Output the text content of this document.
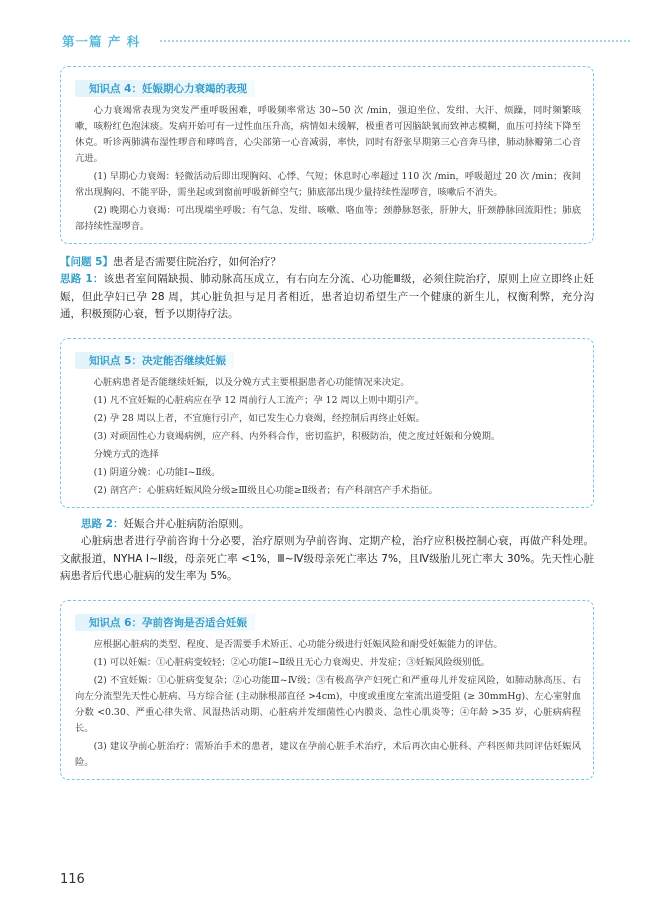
第一篇 产 科
知识点 4：妊娠期心力衰竭的表现

心力衰竭常表现为突发严重呼吸困难，呼吸频率常达 30~50 次 /min，强迫坐位、发绀、大汗、烦躁，同时频繁咳嗽，咳粉红色泡沫痰。发病开始可有一过性血压升高，病情如未缓解，极重者可因脑缺氧而致神志模糊，血压可持续下降至休克。听诊两肺满布湿性啰音和哮鸣音，心尖部第一心音减弱，率快，同时有舒张早期第三心音奔马律，肺动脉瓣第二心音亢进。

(1) 早期心力衰竭：轻微活动后即出现胸闷、心悸、气短；休息时心率超过 110 次 /min，呼吸超过 20 次 /min；夜间常出现胸闷、不能平卧，需坐起或到窗前呼吸新鲜空气；肺底部出现少量持续性湿啰音，咳嗽后不消失。

(2) 晚期心力衰竭：可出现端坐呼吸；有气急、发绀、咳嗽、咯血等；颈静脉怒张，肝肿大，肝颈静脉回流阳性；肺底部持续性湿啰音。

【问题 5】患者是否需要住院治疗，如何治疗？

思路 1：该患者室间隔缺损、肺动脉高压成立，有右向左分流、心功能Ⅲ级，必须住院治疗，原则上应立即终止妊娠，但此孕妇已孕 28 周，其心脏负担与足月者相近，患者迫切希望生产一个健康的新生儿，权衡利弊，充分沟通，积极预防心衰，暂予以期待疗法。

知识点 5：决定能否继续妊娠

心脏病患者是否能继续妊娠，以及分娩方式主要根据患者心功能情况来决定。

(1) 凡不宜妊娠的心脏病应在孕 12 周前行人工流产；孕 12 周以上则中期引产。

(2) 孕 28 周以上者，不宜施行引产，如已发生心力衰竭，经控制后再终止妊娠。

(3) 对顽固性心力衰竭病例，应产科、内外科合作，密切监护，积极防治，使之度过妊娠和分娩期。

分娩方式的选择

(1) 阴道分娩：心功能Ⅰ~Ⅱ级。

(2) 剖宫产：心脏病妊娠风险分级≥Ⅲ级且心功能≥Ⅱ级者；有产科剖宫产手术指征。

思路 2：妊娠合并心脏病防治原则。

心脏病患者进行孕前咨询十分必要，治疗原则为孕前咨询、定期产检，治疗应积极控制心衰，再做产科处理。文献报道，NYHA Ⅰ~Ⅱ级，母亲死亡率 <1%，Ⅲ~Ⅳ级母亲死亡率达 7%，且Ⅳ级胎儿死亡率大 30%。先天性心脏病患者后代患心脏病的发生率为 5%。

知识点 6：孕前咨询是否适合妊娠

应根据心脏病的类型、程度、是否需要手术矫正、心功能分级进行妊娠风险和耐受妊娠能力的评估。

(1) 可以妊娠：①心脏病变较轻；②心功能Ⅰ~Ⅱ级且无心力衰竭史、并发症；③妊娠风险级别低。

(2) 不宜妊娠：①心脏病变复杂；②心功能Ⅲ~Ⅳ级；③有极高孕产妇死亡和严重母儿并发症风险，如肺动脉高压、右向左分流型先天性心脏病、马方综合征 (主动脉根部直径 >4cm)，中度或重度左室流出道受阻 (≥ 30mmHg)、左心室射血分数 <0.30、严重心律失常、风湿热活动期、心脏病并发细菌性心内膜炎、急性心肌炎等；④年龄 >35 岁，心脏病病程长。

(3) 建议孕前心脏治疗：需矫治手术的患者，建议在孕前心脏手术治疗，术后再次由心脏科、产科医师共同评估妊娠风险。

116
